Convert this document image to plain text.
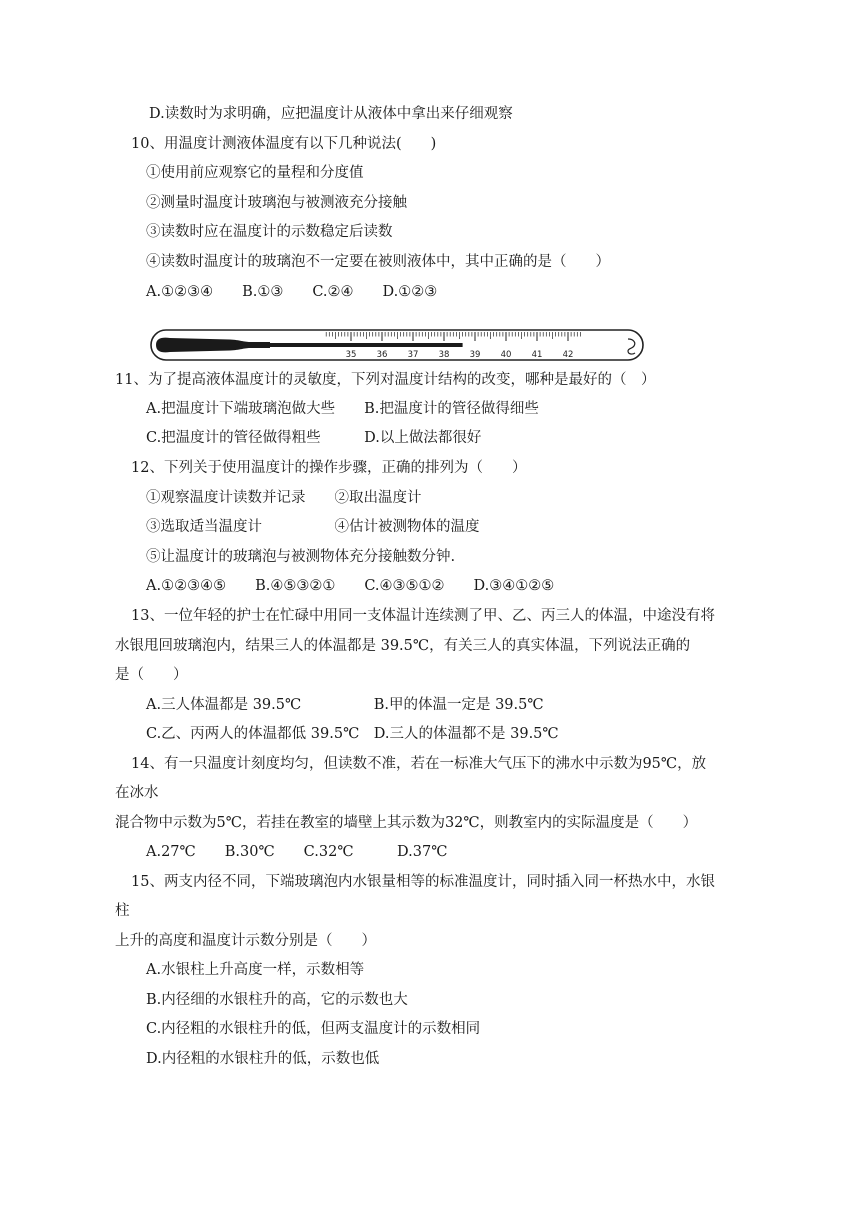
D.读数时为求明确，应把温度计从液体中拿出来仔细观察
10、用温度计测液体温度有以下几种说法(　　)
①使用前应观察它的量程和分度值
②测量时温度计玻璃泡与被测液充分接触
③读数时应在温度计的示数稳定后读数
④读数时温度计的玻璃泡不一定要在被则液体中，其中正确的是（　　）
A.①②③④　　B.①③　　C.②④　　D.①②③
35 36 37 38 39 40 41 42
11、为了提高液体温度计的灵敏度，下列对温度计结构的改变，哪种是最好的（　）
A.把温度计下端玻璃泡做大些　　B.把温度计的管径做得细些
C.把温度计的管径做得粗些　　　D.以上做法都很好
12、下列关于使用温度计的操作步骤，正确的排列为（　　）
①观察温度计读数并记录　　②取出温度计
③选取适当温度计　　　　　④估计被测物体的温度
⑤让温度计的玻璃泡与被测物体充分接触数分钟.
A.①②③④⑤　　B.④⑤③②①　　C.④③⑤①②　　D.③④①②⑤
13、一位年轻的护士在忙碌中用同一支体温计连续测了甲、乙、丙三人的体温，中途没有将
水银甩回玻璃泡内，结果三人的体温都是 39.5℃，有关三人的真实体温，下列说法正确的
是（　　）
A.三人体温都是 39.5℃　　　　　B.甲的体温一定是 39.5℃
C.乙、丙两人的体温都低 39.5℃　D.三人的体温都不是 39.5℃
14、有一只温度计刻度均匀，但读数不准，若在一标准大气压下的沸水中示数为95℃，放
在冰水
混合物中示数为5℃，若挂在教室的墙壁上其示数为32℃，则教室内的实际温度是（　　）
A.27℃　　B.30℃　　C.32℃　　　D.37℃
15、两支内径不同，下端玻璃泡内水银量相等的标准温度计，同时插入同一杯热水中，水银
柱
上升的高度和温度计示数分别是（　　）
A.水银柱上升高度一样，示数相等
B.内径细的水银柱升的高，它的示数也大
C.内径粗的水银柱升的低，但两支温度计的示数相同
D.内径粗的水银柱升的低，示数也低
